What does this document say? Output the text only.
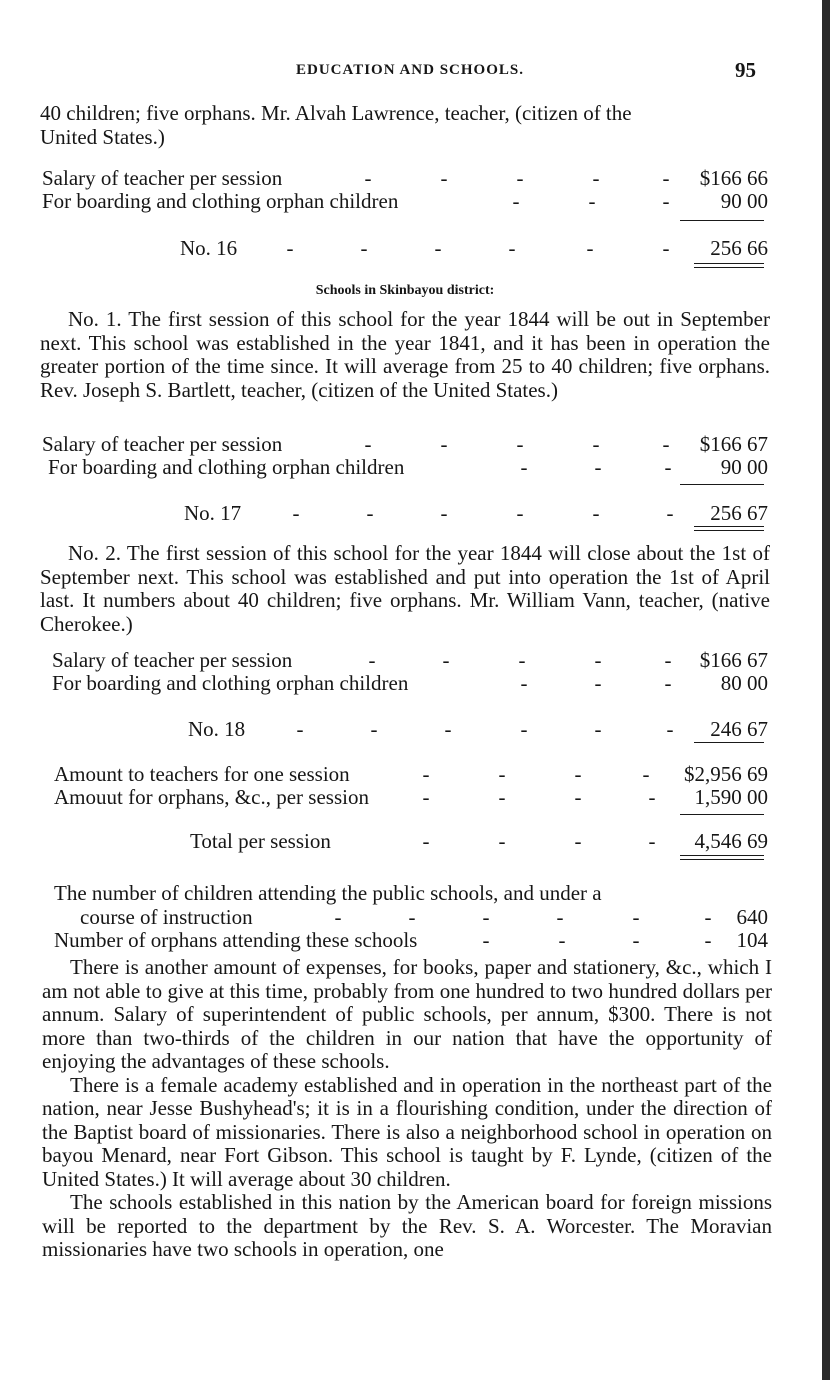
EDUCATION AND SCHOOLS.	95
40 children; five orphans. Mr. Alvah Lawrence, teacher, (citizen of the
United States.)
Salary of teacher per session	-	-	-	-	- $166 66
For boarding and clothing orphan children	-	-	- 90 00
No. 16 -	-	-	-	-	- 256 66
Schools in Skinbayou district:

No. 1. The first session of this school for the year 1844 will be out in September next. This school was established in the year 1841, and it has been in operation the greater portion of the time since. It will average from 25 to 40 children; five orphans. Rev. Joseph S. Bartlett, teacher, (citizen of the United States.)

Salary of teacher per session	-	-	-	-	- $166 67
For boarding and clothing orphan children	-	-	- 90 00
No. 17 -	-	-	-	-	- 256 67

No. 2. The first session of this school for the year 1844 will close about the 1st of September next. This school was established and put into operation the 1st of April last. It numbers about 40 children; five orphans. Mr. William Vann, teacher, (native Cherokee.)

Salary of teacher per session	-	-	-	-	- $166 67
For boarding and clothing orphan children	-	-	- 80 00
No. 18 -	-	-	-	-	- 246 67
Amount to teachers for one session	-	-	-	- $2,956 69
Amouut for orphans, &c., per session	-	-	-	- 1,590 00
Total per session	-	-	-	- 4,546 69
The number of children attending the public schools, and under a
course of instruction	-	-	-	-	-	- 640
Number of orphans attending these schools	-	-	-	- 104

There is another amount of expenses, for books, paper and stationery, &c., which I am not able to give at this time, probably from one hundred to two hundred dollars per annum. Salary of superintendent of public schools, per annum, $300. There is not more than two-thirds of the children in our nation that have the opportunity of enjoying the advantages of these schools.

There is a female academy established and in operation in the northeast part of the nation, near Jesse Bushyhead's; it is in a flourishing condition, under the direction of the Baptist board of missionaries. There is also a neighborhood school in operation on bayou Menard, near Fort Gibson. This school is taught by F. Lynde, (citizen of the United States.) It will average about 30 children.

The schools established in this nation by the American board for foreign missions will be reported to the department by the Rev. S. A. Worcester. The Moravian missionaries have two schools in operation, one
